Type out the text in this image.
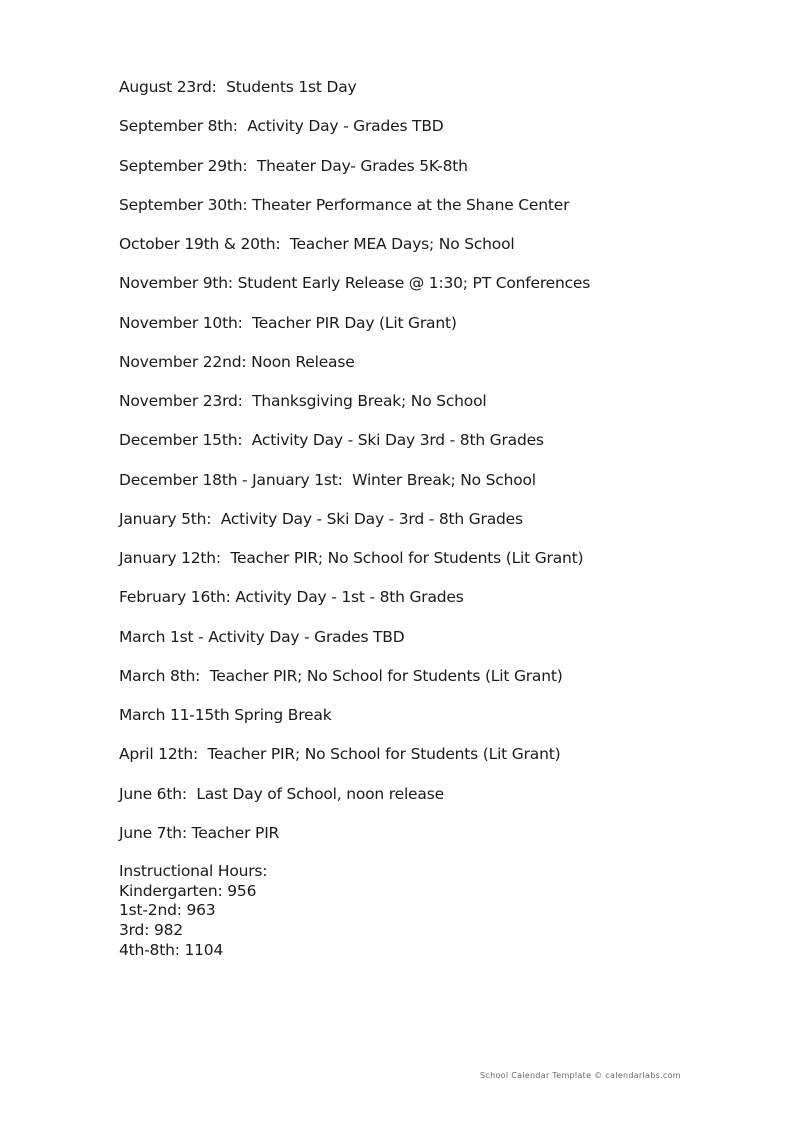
August 23rd:  Students 1st Day
September 8th:  Activity Day - Grades TBD
September 29th:  Theater Day- Grades 5K-8th
September 30th: Theater Performance at the Shane Center
October 19th & 20th:  Teacher MEA Days; No School
November 9th: Student Early Release @ 1:30; PT Conferences
November 10th:  Teacher PIR Day (Lit Grant)
November 22nd: Noon Release
November 23rd:  Thanksgiving Break; No School
December 15th:  Activity Day - Ski Day 3rd - 8th Grades
December 18th - January 1st:  Winter Break; No School
January 5th:  Activity Day - Ski Day - 3rd - 8th Grades
January 12th:  Teacher PIR; No School for Students (Lit Grant)
February 16th: Activity Day - 1st - 8th Grades
March 1st - Activity Day - Grades TBD
March 8th:  Teacher PIR; No School for Students (Lit Grant)
March 11-15th Spring Break
April 12th:  Teacher PIR; No School for Students (Lit Grant)
June 6th:  Last Day of School, noon release
June 7th: Teacher PIR
Instructional Hours:
Kindergarten: 956
1st-2nd: 963
3rd: 982
4th-8th: 1104
School Calendar Template © calendarlabs.com
